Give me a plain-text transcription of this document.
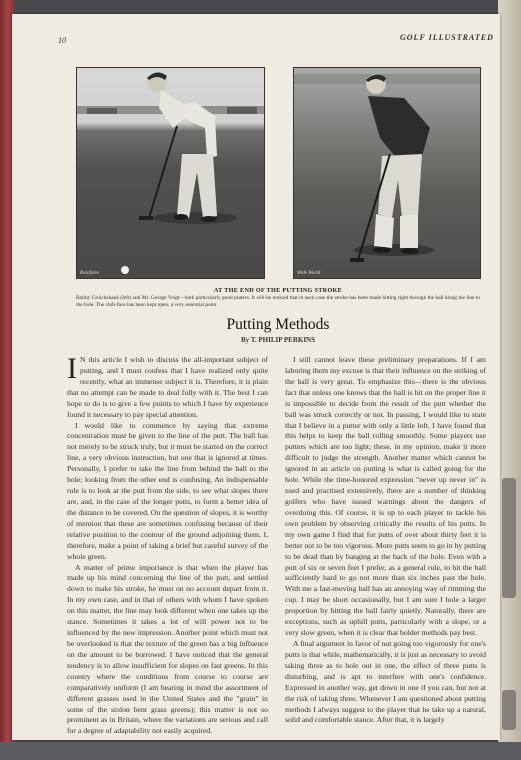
10	GOLF ILLUSTRATED
Rotofotos	Wide World
AT THE END OF THE PUTTING STROKE
Bobby Cruickshank (left) and Mr. George Voigt—both particularly good putters. It will be noticed that in each case the stroke has been made hitting right through the ball along the line to the hole. The club-face has been kept open, a very essential point
Putting Methods
By T. PHILIP PERKINS

I N this article I wish to discuss the all-important subject of putting, and I must confess that I have realized only quite recently, what an immense subject it is. Therefore, it is plain that no attempt can be made to deal fully with it. The best I can hope to do is to give a few points to which I have by experience found it necessary to pay special attention.

I would like to commence by saying that extreme concentration must be given to the line of the putt. The ball has not merely to be struck truly, but it must be started on the correct line, a very obvious instruction, but one that is ignored at times. Personally, I prefer to take the line from behind the ball to the hole; looking from the other end is confusing. An indispensable rule is to look at the putt from the side, to see what slopes there are, and, in the case of the longer putts, to form a better idea of the distance to be covered. On the question of slopes, it is worthy of mention that these are sometimes confusing because of their relative position to the contour of the ground adjoining them. I, therefore, make a point of taking a brief but careful survey of the whole green.

A matter of prime importance is that when the player has made up his mind concerning the line of the putt, and settled down to make his stroke, he must on no account depart from it. In my own case, and in that of others with whom I have spoken on this matter, the line may look different when one takes up the stance. Sometimes it takes a lot of will power not to be influenced by the new impression. Another point which must not be overlooked is that the texture of the green has a big influence on the amount to be borrowed. I have noticed that the general tendency is to allow insufficient for slopes on fast greens. In this country where the conditions from course to course are comparatively uniform (I am bearing in mind the assortment of different grasses used in the United States and the "grain" in some of the stolon bent grass greens); this matter is not so prominent as in Britain, where the variations are serious and call for a degree of adaptability not easily acquired.

I still cannot leave these preliminary preparations. If I am laboring them my excuse is that their influence on the striking of the ball is very great. To emphasize this—there is the obvious fact that unless one knows that the ball is hit on the proper line it is impossible to decide from the result of the putt whether the ball was struck correctly or not. In passing, I would like to state that I believe in a putter with only a little loft. I have found that this helps to keep the ball rolling smoothly. Some players use putters which are too light; these, in my opinion, make it more difficult to judge the strength. Another matter which cannot be ignored in an article on putting is what is called going for the hole. While the time-honored expression "never up never in" is used and practised extensively, there are a number of thinking golfers who have issued warnings about the dangers of overdoing this. Of course, it is up to each player to tackle his own problem by observing critically the results of his putts. In my own game I find that for putts of over about thirty feet it is better not to be too vigorous. More putts seem to go in by putting to be dead than by banging at the back of the hole. Even with a putt of six or seven feet I prefer, as a general rule, to hit the ball sufficiently hard to go not more than six inches past the hole. With me a fast-moving ball has an annoying way of rimming the cup. I may be short occasionally, but I am sure I hole a larger proportion by hitting the ball fairly quietly. Naturally, there are exceptions, such as uphill putts, particularly with a slope, or a very slow green, when it is clear that bolder methods pay best.

A final argument in favor of not going too vigorously for one's putts is that while, mathematically, it is just as necessary to avoid taking three as to hole out in one, the effect of three putts is disturbing, and is apt to interfere with one's confidence. Expressed in another way, get down in one if you can, but not at the risk of taking three. Whenever I am questioned about putting methods I always suggest to the player that he take up a natural, solid and comfortable stance. After that, it is largely
